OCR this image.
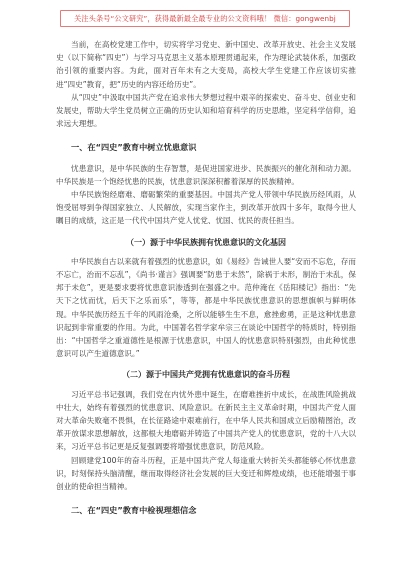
关注头条号“公文研究”，获得最新最全最专业的公文资料哦！ 微信：gongwenbj

当前，在高校党建工作中，切实将学习党史、新中国史、改革开放史、社会主义发展史（以下简称“四史”）与学习马克思主义基本原理贯通起来，作为理论武装休系，加强政治引领的重要内容。为此，面对百年未有之大变局，高校大学生党建工作应该切实推进“四史”教育，把“历史的内容还给历史”。

从“四史”中汲取中国共产党在追求伟大梦想过程中艰辛的探索史、奋斗史、创业史和发展史，帮助大学生党员树立正确的历史认知和培育科学的历史思维，坚定科学信仰，追求远大理想。

一、在“四史”教育中树立忧患意识

忧患意识，是中华民族的生存智慧，是促进国家进步、民族振兴的催化剂和动力源。中华民族是一个饱经忧患的民族，忧患意识深深积蓄着深厚的民族精神。

中华民族饱经磨难、磨砺繁荣的重要基因。中国共产党人带领中华民族历经风雨，从饱受屈辱到争得国家独立、人民解放，实现当家作主，到改革开放四十多年，取得今世人瞩目的成绩，这正是一代代中国共产党人忧党、忧国、忧民的责任担当。

（一）源于中华民族拥有忧患意识的文化基因

中华民族自古以来就有着强烈的忧患意识，如《易经》告诫世人要“安而不忘危，存而不忘亡，治而不忘乱”，《尚书·谨言》强调要“防患于未然”，除祸于未形，制治于未乱，保邦于未危”，更是要求要将忧患意识渗透到在强盛之中。范仲淹在《岳阳楼记》指出：“先天下之忧而忧，后天下之乐而乐”，等等，都是中华民族忧患意识的思想旗帜与鲜明体现。中华民族历经五千年的风雨沧桑，之所以能够生生不息，愈挫愈勇，正是这种忧患意识起到非常重要的作用。为此，中国著名哲学家牟宗三在谈论中国哲学的特质时，特别指出：“中国哲学之重道德性是根源于忧患意识，中国人的忧患意识特别强烈，由此种忧患意识可以产生道德意识。”

（二）源于中国共产党拥有忧患意识的奋斗历程

习近平总书记强调，我们党在内忧外患中诞生，在磨难挫折中成长，在战胜风险挑战中壮大，始终有着强烈的忧患意识、风险意识。在新民主主义革命时期，中国共产党人面对大革命失败毫不畏惧，在长征路途中艰难前行，在中华人民共和国成立后励精图治，改革开放谋求思想解放，这都根大地磨砺并铸造了中国共产党人的忧患意识，党的十八大以来，习近平总书记更是反复强调要将增强忧患意识，防范风险。

回顾建党100年的奋斗历程，正是中国共产党人每逢重大转折关头都能够心怀忧患意识，时刻保持头脑清醒，继而取得经济社会发展的巨大变迁和辉煌成绩，也还能增强于事创业的使命担当精神。

二、在“四史”教育中检视理想信念
